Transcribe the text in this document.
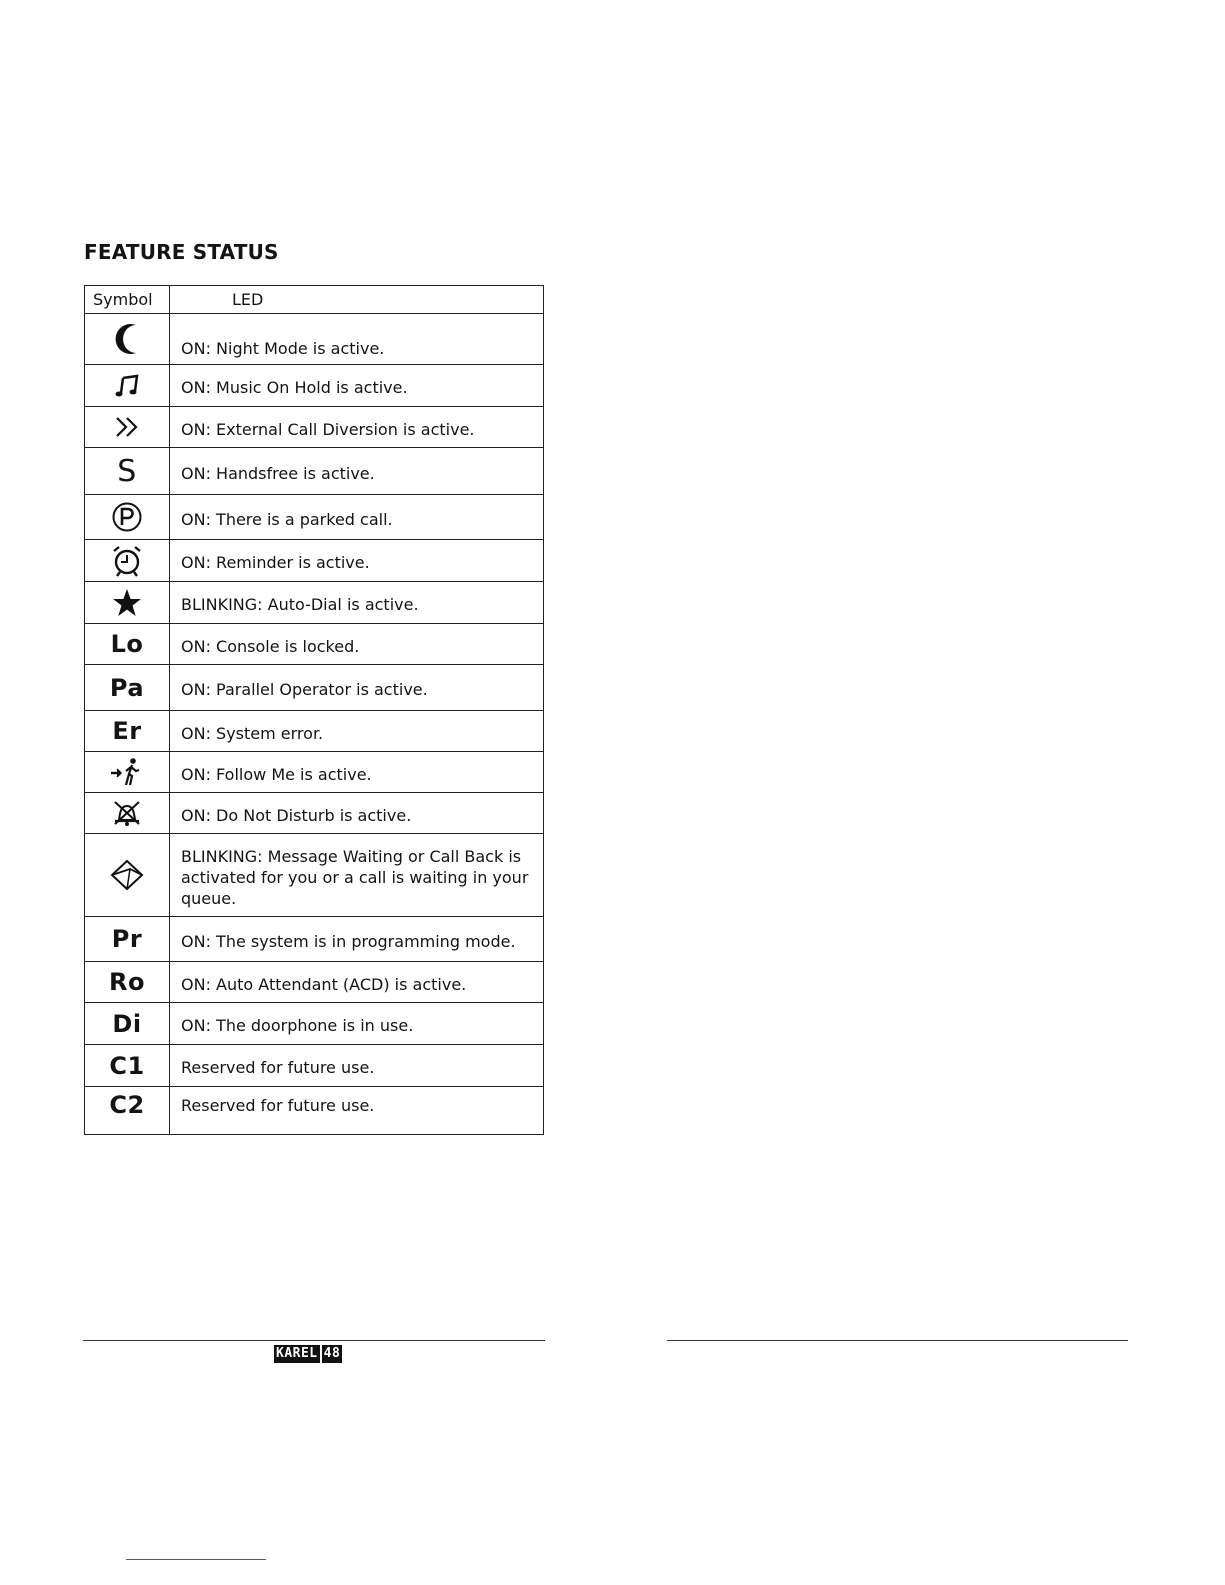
FEATURE STATUS
Symbol	LED
	ON: Night Mode is active.
	ON: Music On Hold is active.
	ON: External Call Diversion is active.
S	ON: Handsfree is active.
	ON: There is a parked call.
	ON: Reminder is active.
	BLINKING: Auto-Dial is active.
Lo	ON: Console is locked.
Pa	ON: Parallel Operator is active.
Er	ON: System error.
	ON: Follow Me is active.
	ON: Do Not Disturb is active.
	BLINKING: Message Waiting or Call Back is activated for you or a call is waiting in your queue.
Pr	ON: The system is in programming mode.
Ro	ON: Auto Attendant (ACD) is active.
Di	ON: The doorphone is in use.
C1	Reserved for future use.
C2	Reserved for future use.
KAREL 48
